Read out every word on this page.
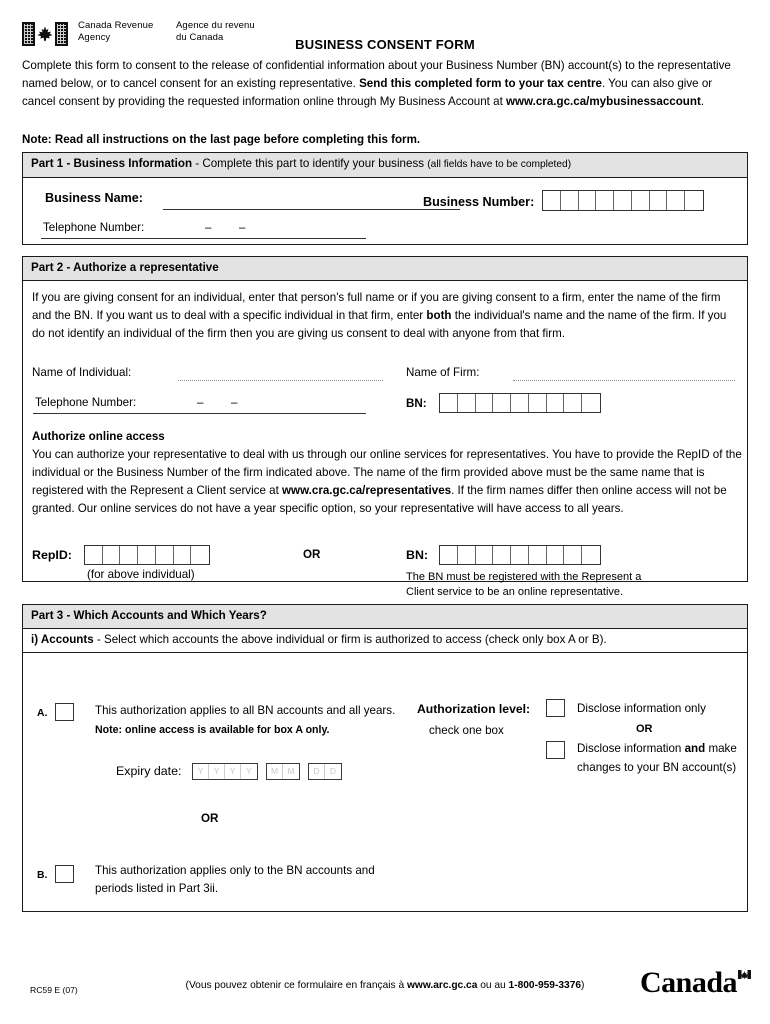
Canada Revenue
Agency
Agence du revenu
du Canada	BUSINESS CONSENT FORM
Complete this form to consent to the release of confidential information about your Business Number (BN) account(s) to the representative named below, or to cancel consent for an existing representative. Send this completed form to your tax centre. You can also give or cancel consent by providing the requested information online through My Business Account at www.cra.gc.ca/mybusinessaccount.
Note: Read all instructions on the last page before completing this form.
Part 1 - Business Information - Complete this part to identify your business (all fields have to be completed)
Business Name:	Business Number:
Telephone Number:	– –
Part 2 - Authorize a representative
If you are giving consent for an individual, enter that person's full name or if you are giving consent to a firm, enter the name of the firm and the BN. If you want us to deal with a specific individual in that firm, enter both the individual's name and the name of the firm. If you do not identify an individual of the firm then you are giving us consent to deal with anyone from that firm.
Name of Individual:	Name of Firm:
Telephone Number:	– –	BN:
Authorize online access
You can authorize your representative to deal with us through our online services for representatives. You have to provide the RepID of the individual or the Business Number of the firm indicated above. The name of the firm provided above must be the same name that is registered with the Represent a Client service at www.cra.gc.ca/representatives. If the firm names differ then online access will not be granted. Our online services do not have a year specific option, so your representative will have access to all years.
RepID:
(for above individual)
OR	BN:
The BN must be registered with the Represent a
Client service to be an online representative.
Part 3 - Which Accounts and Which Years?
i) Accounts - Select which accounts the above individual or firm is authorized to access (check only box A or B).
A.	This authorization applies to all BN accounts and all years.  Note: online access is available for box A only.
Expiry date:	Y	Y	Y	Y	M	M	D	D
OR
B.	This authorization applies only to the BN accounts and
periods listed in Part 3ii.
Authorization level:
check one box
Disclose information only
OR
Disclose information and make changes to your BN account(s)
RC59 E (07)	(Vous pouvez obtenir ce formulaire en français à www.arc.gc.ca ou au 1-800-959-3376)	Canada
